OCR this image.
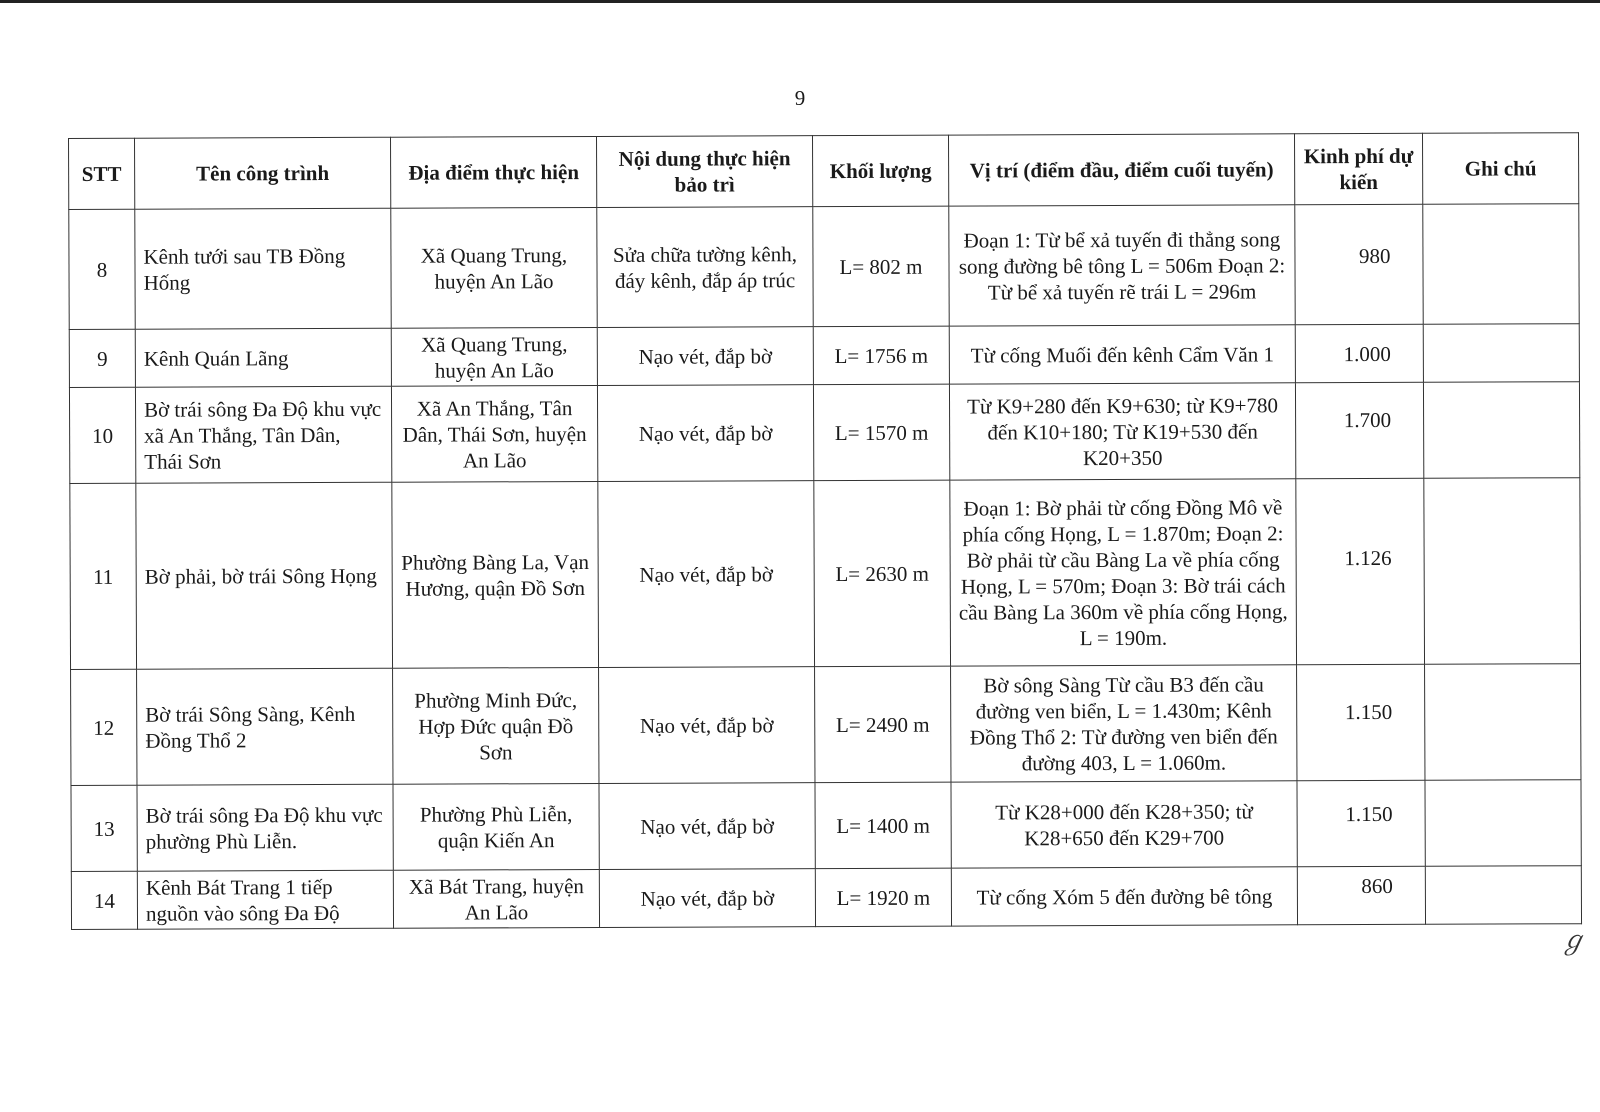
9
STT	Tên công trình	Địa điểm thực hiện	Nội dung thực hiện bảo trì	Khối lượng	Vị trí (điểm đầu, điểm cuối tuyến)	Kinh phí dự kiến	Ghi chú
8	Kênh tưới sau TB Đồng Hống	Xã Quang Trung, huyện An Lão	Sửa chữa tường kênh, đáy kênh, đắp áp trúc	L= 802 m	Đoạn 1: Từ bể xả tuyến đi thẳng song song đường bê tông L = 506m Đoạn 2: Từ bể xả tuyến rẽ trái L = 296m	980	
9	Kênh Quán Lãng	Xã Quang Trung, huyện An Lão	Nạo vét, đắp bờ	L= 1756 m	Từ cống Muối đến kênh Cẩm Văn 1	1.000	
10	Bờ trái sông Đa Độ khu vực xã An Thắng, Tân Dân, Thái Sơn	Xã An Thắng, Tân Dân, Thái Sơn, huyện An Lão	Nạo vét, đắp bờ	L= 1570 m	Từ K9+280 đến K9+630; từ K9+780 đến K10+180; Từ K19+530 đến K20+350	1.700	
11	Bờ phải, bờ trái Sông Họng	Phường Bàng La, Vạn Hương, quận Đồ Sơn	Nạo vét, đắp bờ	L= 2630 m	Đoạn 1: Bờ phải từ cống Đồng Mô về phía cống Họng, L = 1.870m; Đoạn 2: Bờ phải từ cầu Bàng La về phía cống Họng, L = 570m; Đoạn 3: Bờ trái cách cầu Bàng La 360m về phía cống Họng, L = 190m.	1.126	
12	Bờ trái Sông Sàng, Kênh Đồng Thổ 2	Phường Minh Đức, Hợp Đức quận Đồ Sơn	Nạo vét, đắp bờ	L= 2490 m	Bờ sông Sàng Từ cầu B3 đến cầu đường ven biển, L = 1.430m; Kênh Đồng Thổ 2: Từ đường ven biển đến đường 403, L = 1.060m.	1.150	
13	Bờ trái sông Đa Độ khu vực phường Phù Liễn.	Phường Phù Liễn, quận Kiến An	Nạo vét, đắp bờ	L= 1400 m	Từ K28+000 đến K28+350; từ K28+650 đến K29+700	1.150	
14	Kênh Bát Trang 1 tiếp nguồn vào sông Đa Độ	Xã Bát Trang, huyện An Lão	Nạo vét, đắp bờ	L= 1920 m	Từ cống Xóm 5 đến đường bê tông	860	
ℊ
